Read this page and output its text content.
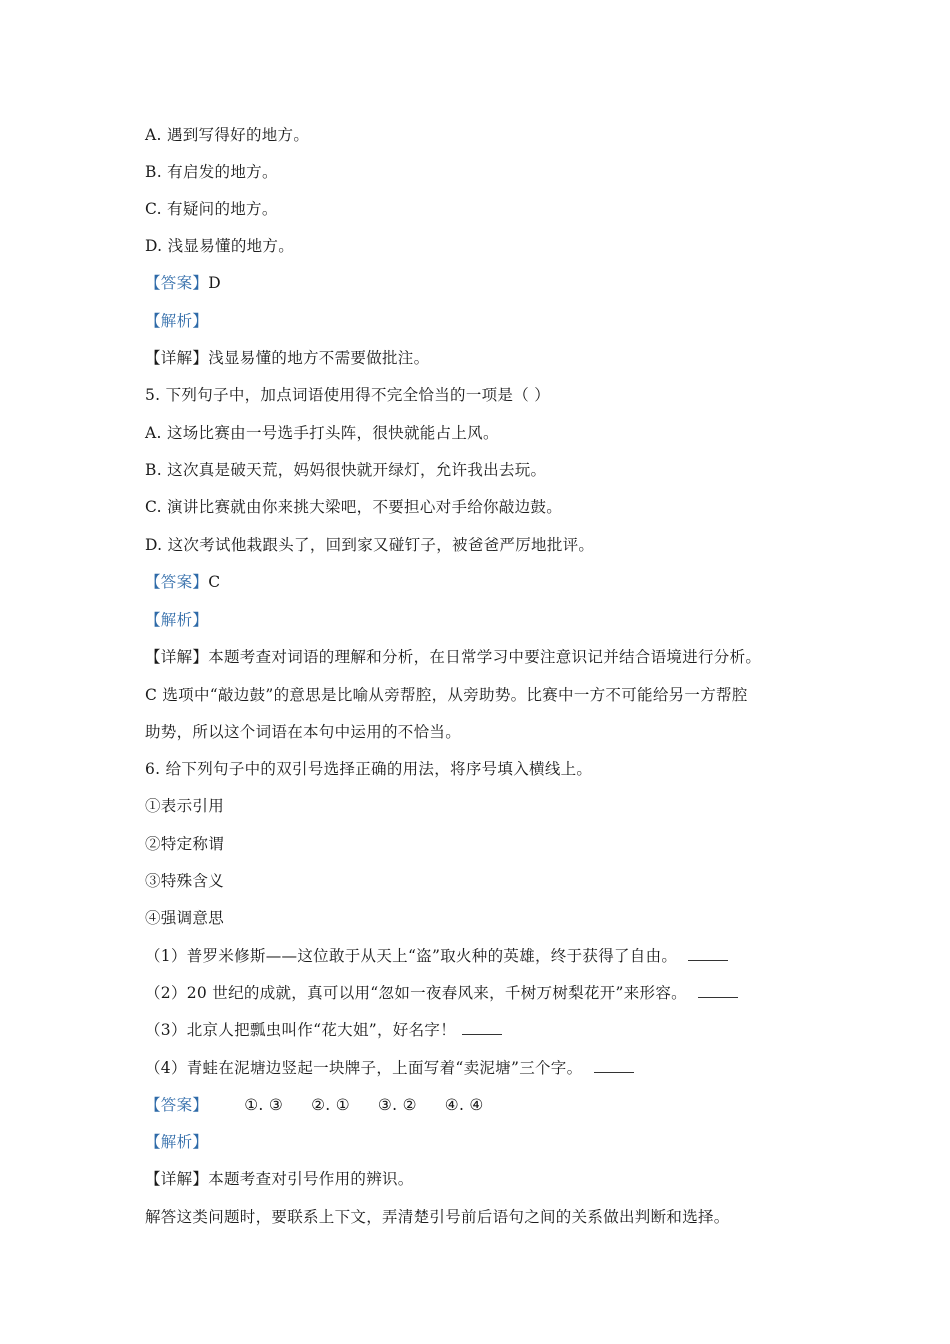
A. 遇到写得好的地方。
B. 有启发的地方。
C. 有疑问的地方。
D. 浅显易懂的地方。
【答案】D
【解析】
【详解】浅显易懂的地方不需要做批注。
5. 下列句子中，加点词语使用得不完全恰当的一项是（ ）
A. 这场比赛由一号选手打头阵，很快就能占上风。
B. 这次真是破天荒，妈妈很快就开绿灯，允许我出去玩。
C. 演讲比赛就由你来挑大梁吧，不要担心对手给你敲边鼓。
D. 这次考试他栽跟头了，回到家又碰钉子，被爸爸严厉地批评。
【答案】C
【解析】
【详解】本题考查对词语的理解和分析，在日常学习中要注意识记并结合语境进行分析。
C 选项中“敲边鼓”的意思是比喻从旁帮腔，从旁助势。比赛中一方不可能给另一方帮腔
助势，所以这个词语在本句中运用的不恰当。
6. 给下列句子中的双引号选择正确的用法，将序号填入横线上。
①表示引用
②特定称谓
③特殊含义
④强调意思
（1）普罗米修斯——这位敢于从天上“盗”取火种的英雄，终于获得了自由。
（2）20 世纪的成就，真可以用“忽如一夜春风来，千树万树梨花开”来形容。
（3）北京人把瓢虫叫作“花大姐”，好名字！
（4）青蛙在泥塘边竖起一块牌子，上面写着“卖泥塘”三个字。
【答案】 ①. ③ ②. ① ③. ② ④. ④
【解析】
【详解】本题考查对引号作用的辨识。
解答这类问题时，要联系上下文，弄清楚引号前后语句之间的关系做出判断和选择。
